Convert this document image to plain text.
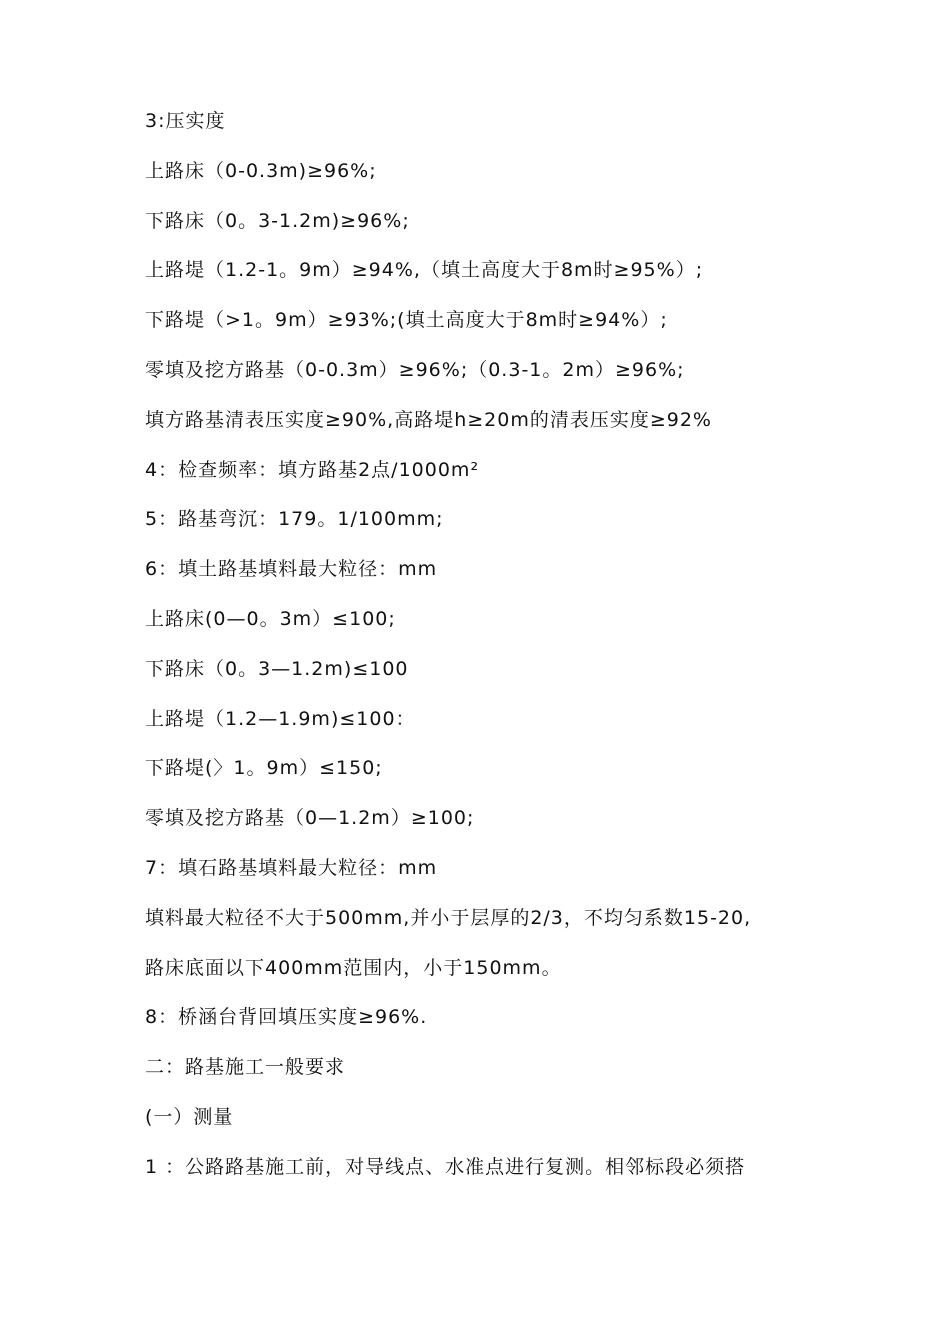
3:压实度
上路床（0-0.3m)≥96%;
下路床（0。3-1.2m)≥96%;
上路堤（1.2-1。9m）≥94%,（填土高度大于8m时≥95%）;
下路堤（>1。9m）≥93%;(填土高度大于8m时≥94%）;
零填及挖方路基（0-0.3m）≥96%;（0.3-1。2m）≥96%;
填方路基清表压实度≥90%,高路堤h≥20m的清表压实度≥92%
4：检查频率：填方路基2点/1000m²
5：路基弯沉：179。1/100mm;
6：填土路基填料最大粒径：mm
上路床(0—0。3m）≤100;
下路床（0。3—1.2m)≤100
上路堤（1.2—1.9m)≤100：
下路堤(〉1。9m）≤150;
零填及挖方路基（0—1.2m）≥100;
7：填石路基填料最大粒径：mm
填料最大粒径不大于500mm,并小于层厚的2/3，不均匀系数15-20,
路床底面以下400mm范围内，小于150mm。
8：桥涵台背回填压实度≥96%.
二：路基施工一般要求
(一）测量
1 ：公路路基施工前，对导线点、水准点进行复测。相邻标段必须搭
